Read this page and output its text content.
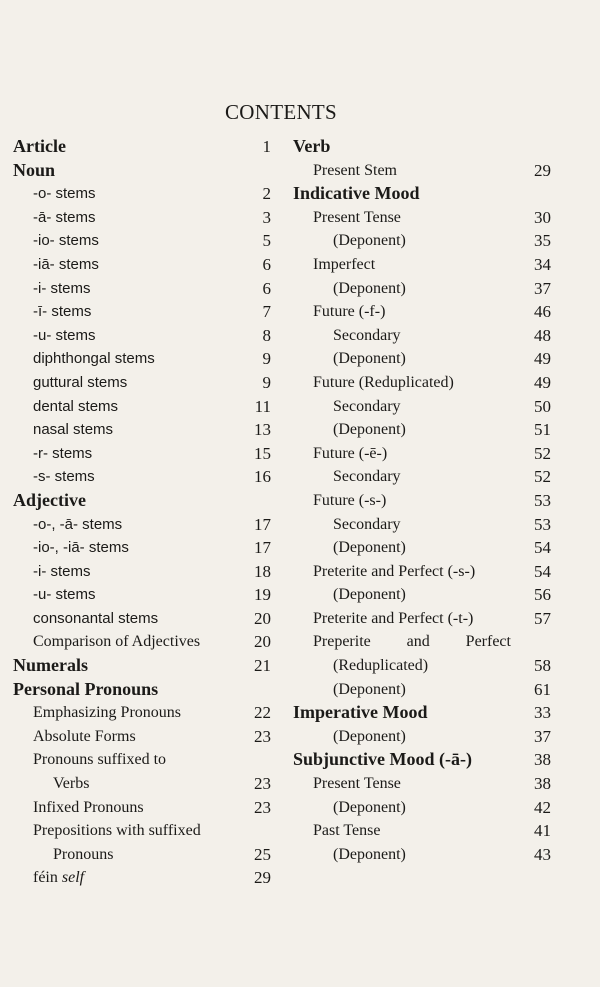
CONTENTS
Article	1
Noun
-o- stems	2
-ā- stems	3
-io- stems	5
-iā- stems	6
-i- stems	6
-ī- stems	7
-u- stems	8
diphthongal stems	9
guttural stems	9
dental stems	11
nasal stems	13
-r- stems	15
-s- stems	16
Adjective
-o-, -ā- stems	17
-io-, -iā- stems	17
-i- stems	18
-u- stems	19
consonantal stems	20
Comparison of Adjectives	20
Numerals	21
Personal Pronouns
Emphasizing Pronouns	22
Absolute Forms	23
Pronouns suffixed to
Verbs	23
Infixed Pronouns	23
Prepositions with suffixed
Pronouns	25
féin self	29
Verb
Present Stem	29
Indicative Mood
Present Tense	30
(Deponent)	35
Imperfect	34
(Deponent)	37
Future (-f-)	46
Secondary	48
(Deponent)	49
Future (Reduplicated)	49
Secondary	50
(Deponent)	51
Future (-ē-)	52
Secondary	52
Future (-s-)	53
Secondary	53
(Deponent)	54
Preterite and Perfect (-s-)	54
(Deponent)	56
Preterite and Perfect (-t-)	57
Preperite and Perfect
(Reduplicated)	58
(Deponent)	61
Imperative Mood	33
(Deponent)	37
Subjunctive Mood (-ā-)	38
Present Tense	38
(Deponent)	42
Past Tense	41
(Deponent)	43
